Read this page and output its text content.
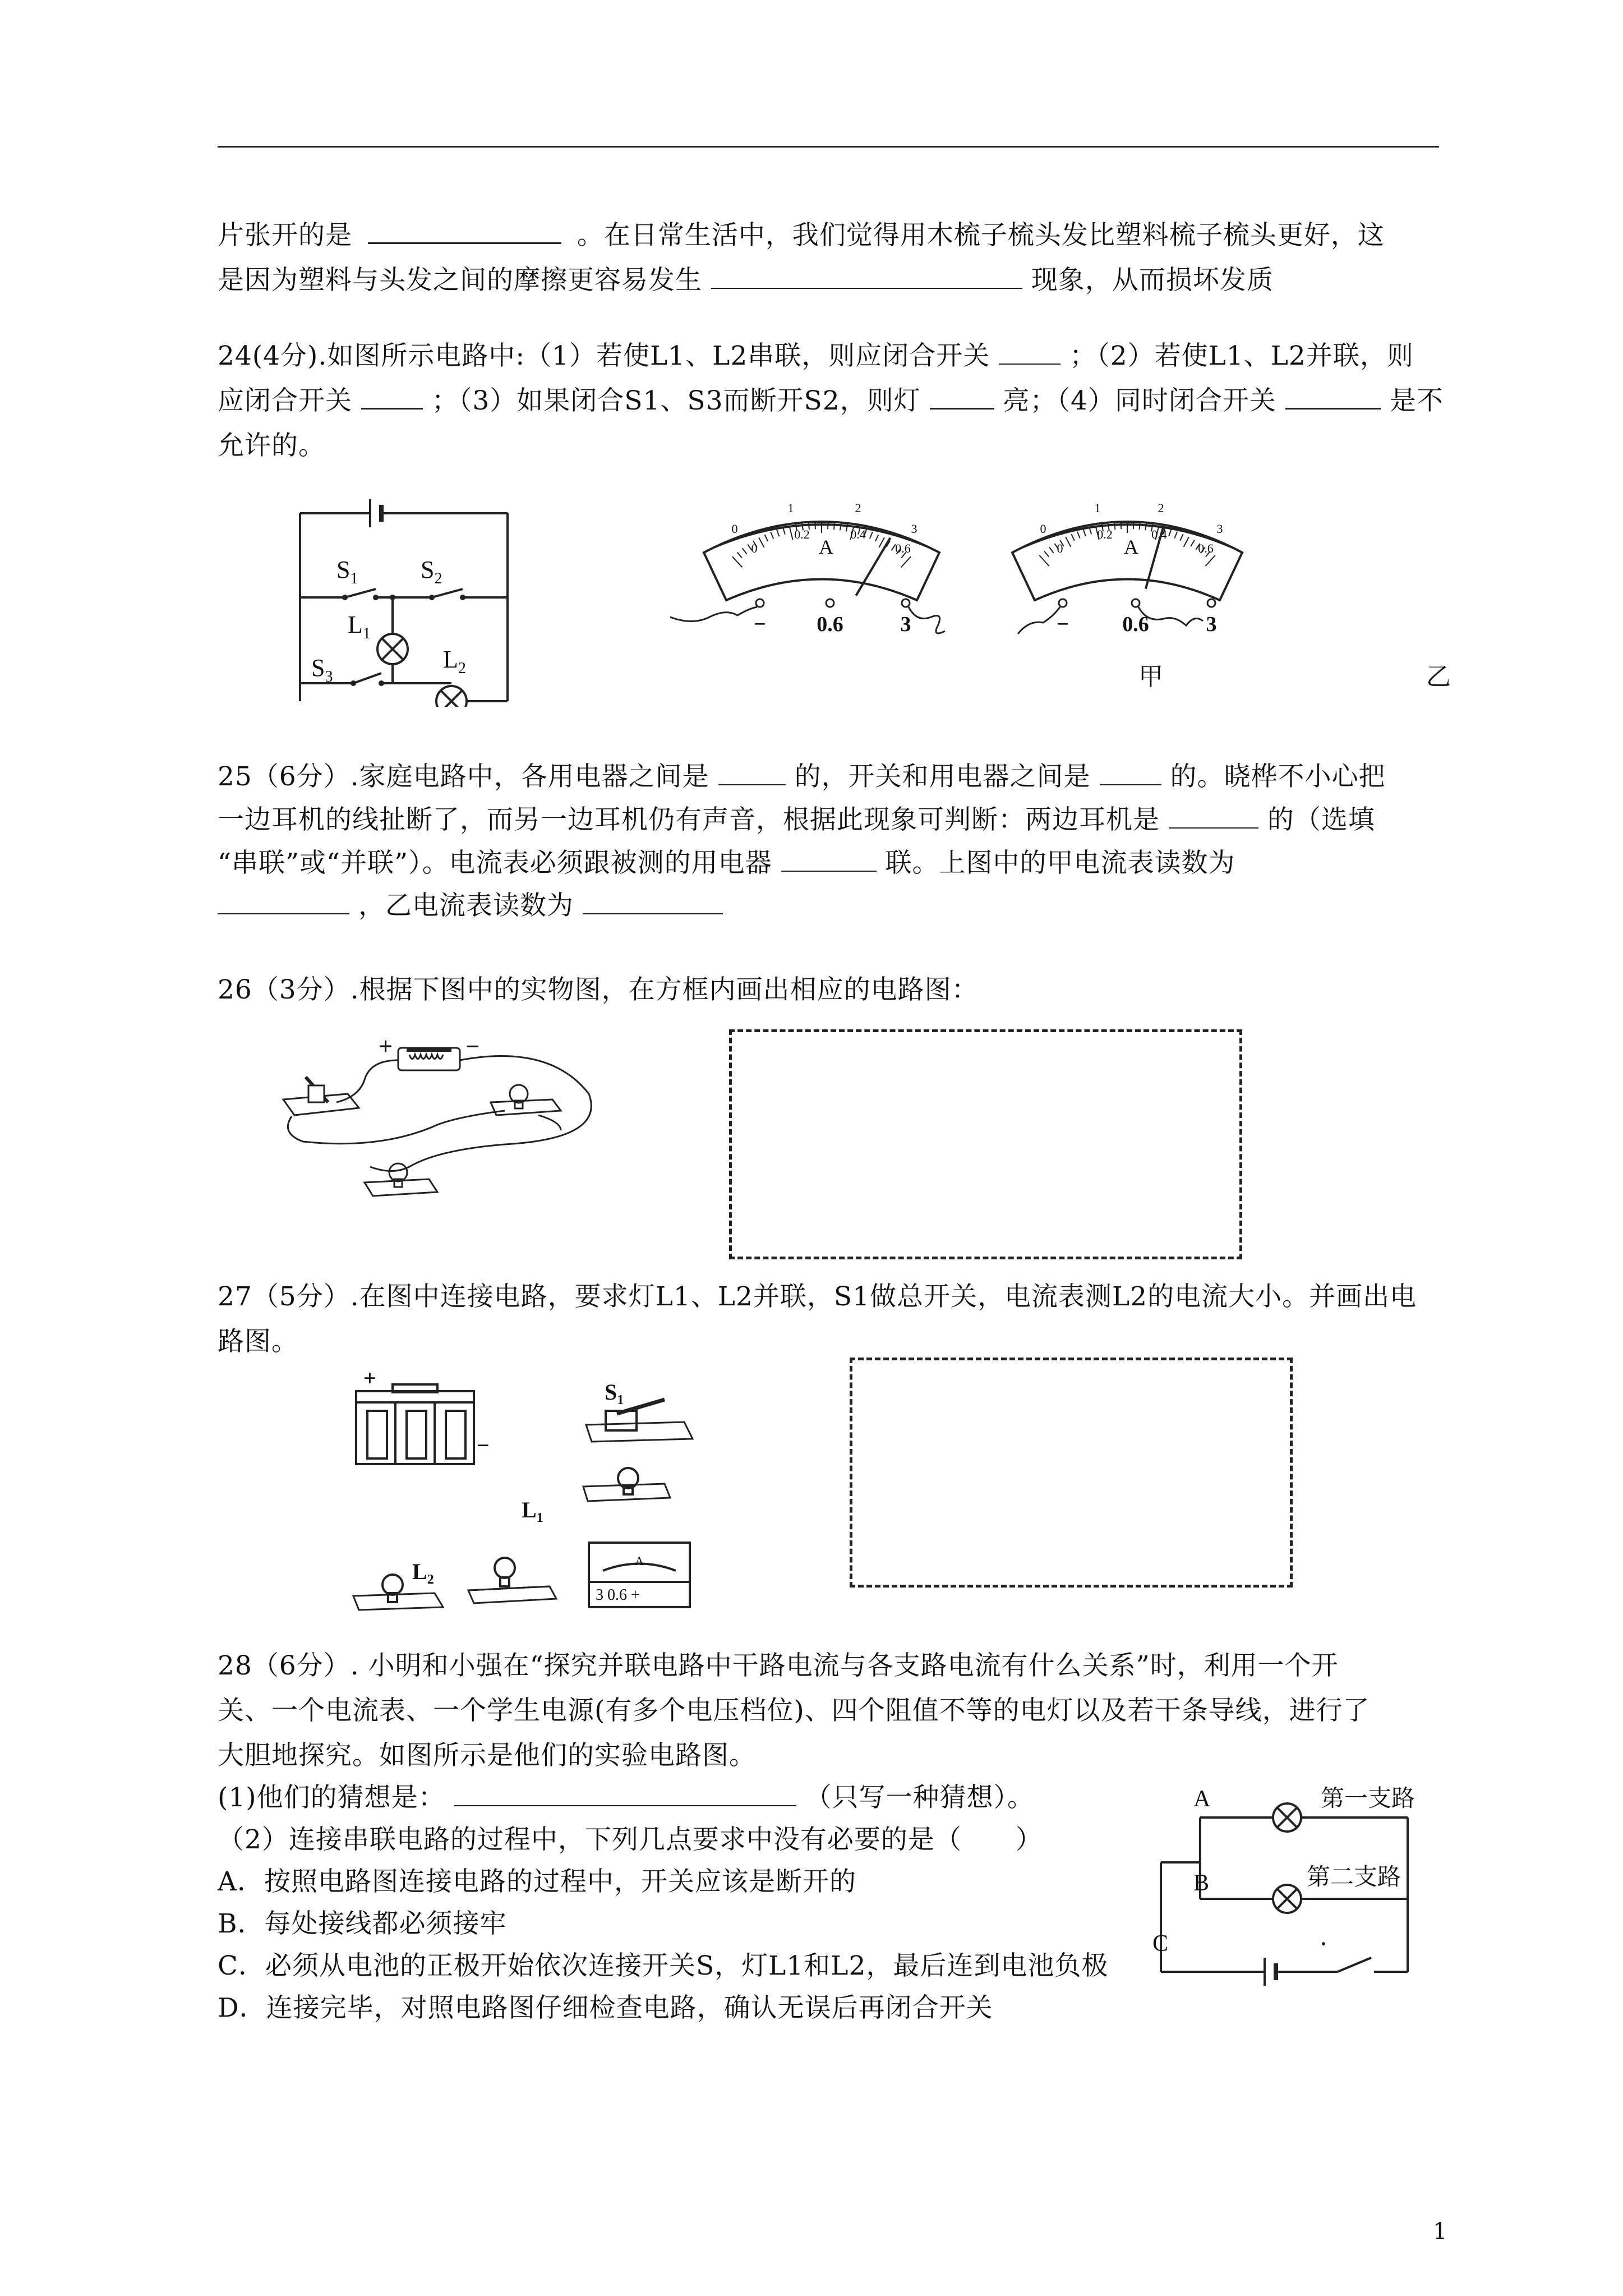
片张开的是	。在日常生活中，我们觉得用木梳子梳头发比塑料梳子梳头更好，这
是因为塑料与头发之间的摩擦更容易发生	现象，从而损坏发质
24(4分).如图所示电路中:（1）若使L1、L2串联，则应闭合开关	；（2）若使L1、L2并联，则
应闭合开关	；（3）如果闭合S1、S3而断开S2，则灯	亮；（4）同时闭合开关	是不
允许的。
$S_1$	$S_2$
$L_1$
$L_2$
$S_3$
0
1	2
3
0
0.2	0.4
0.6
A
− 0.6	3
0
1	2
3
0
0.2	0.4
0.6
A
−	0.6	3
甲	乙
25（6分）.家庭电路中，各用电器之间是	的，开关和用电器之间是	的。晓桦不小心把
一边耳机的线扯断了，而另一边耳机仍有声音，根据此现象可判断：两边耳机是	的（选填
“串联”或“并联”）。电流表必须跟被测的用电器	联。上图中的甲电流表读数为
，乙电流表读数为
26（3分）.根据下图中的实物图，在方框内画出相应的电路图：
+	−
27（5分）.在图中连接电路，要求灯L1、L2并联，S1做总开关，电流表测L2的电流大小。并画出电
路图。
+
−
$S_1$
$L_1$
$L_2$
A
3 0.6 +
28（6分）. 小明和小强在“探究并联电路中干路电流与各支路电流有什么关系”时，利用一个开
关、一个电流表、一个学生电源(有多个电压档位)、四个阻值不等的电灯以及若干条导线，进行了
大胆地探究。如图所示是他们的实验电路图。
(1)他们的猜想是：	（只写一种猜想）。
（2）连接串联电路的过程中，下列几点要求中没有必要的是（　　）
A．按照电路图连接电路的过程中，开关应该是断开的
B．每处接线都必须接牢
C．必须从电池的正极开始依次连接开关S，灯L1和L2，最后连到电池负极
D．连接完毕，对照电路图仔细检查电路，确认无误后再闭合开关
A
B
C
第一支路
第二支路
1
